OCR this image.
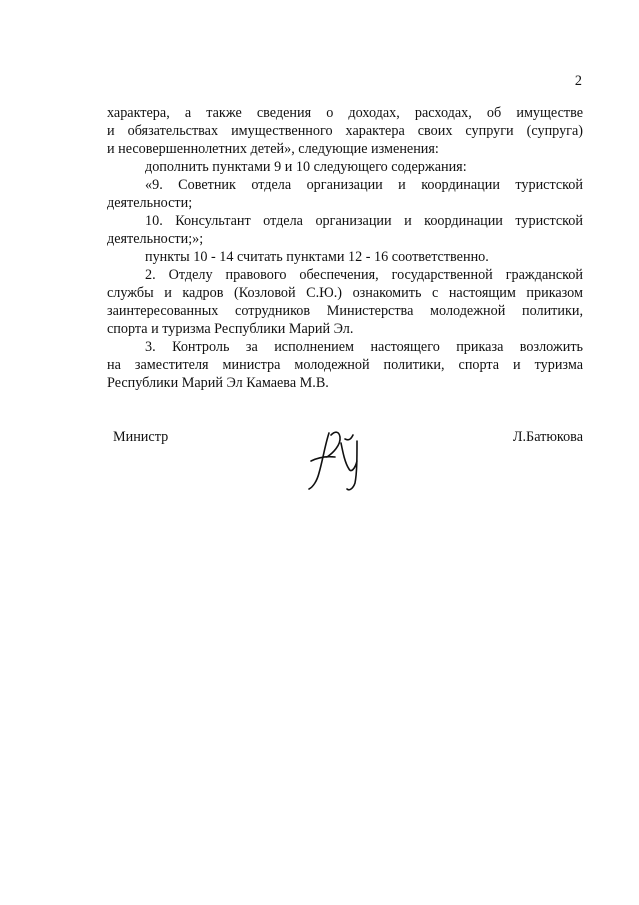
2
характера, а также сведения о доходах, расходах, об имуществе
и обязательствах имущественного характера своих супруги (супруга)
и несовершеннолетних детей», следующие изменения:
дополнить пунктами 9 и 10 следующего содержания:
«9. Советник отдела организации и координации туристской
деятельности;
10. Консультант отдела организации и координации туристской
деятельности;»;
пункты 10 - 14 считать пунктами 12 - 16 соответственно.
2. Отделу правового обеспечения, государственной гражданской
службы и кадров (Козловой С.Ю.) ознакомить с настоящим приказом
заинтересованных сотрудников Министерства молодежной политики,
спорта и туризма Республики Марий Эл.
3. Контроль за исполнением настоящего приказа возложить
на заместителя министра молодежной политики, спорта и туризма
Республики Марий Эл Камаева М.В.
Министр	Л.Батюкова
